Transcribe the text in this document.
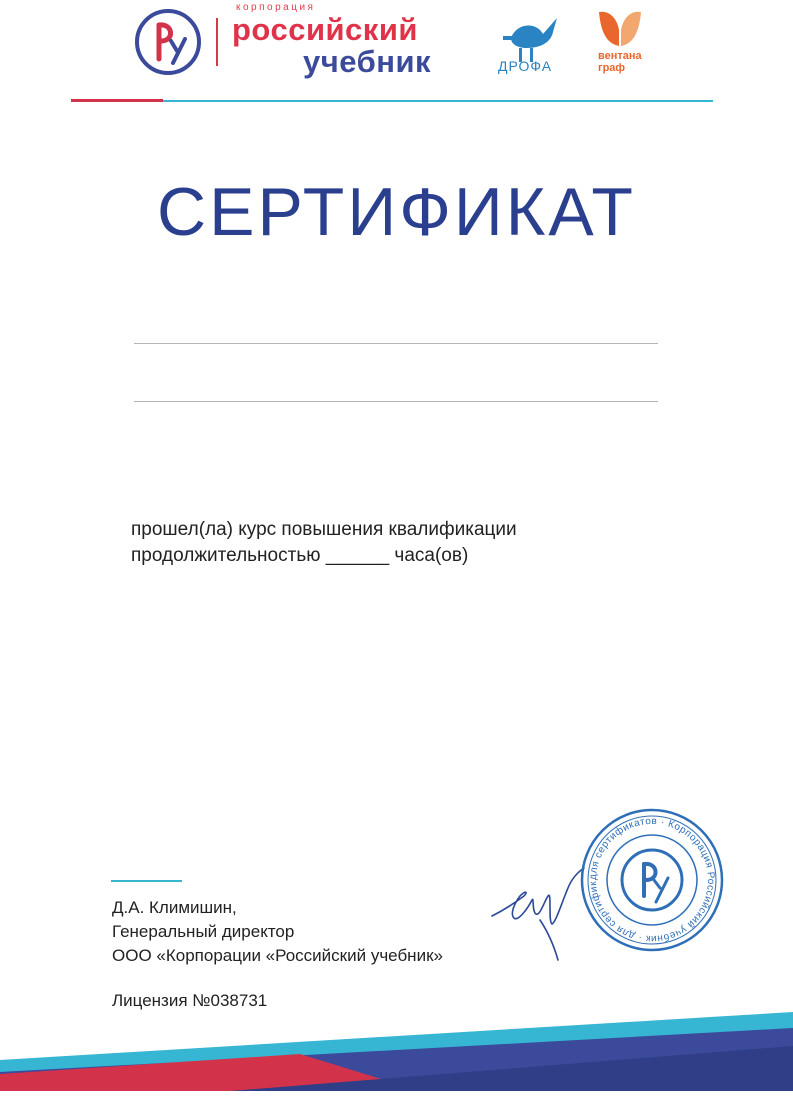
корпорация
российский
учебник	ДРОФА
вентана
граф
СЕРТИФИКАТ
прошел(ла) курс повышения квалификации
продолжительностью ______ часа(ов)
Д.А. Климишин,
Генеральный директор
ООО «Корпорации «Российский учебник»
Лицензия №038731
для сертификатов · Корпорация Российский учебник · для сертифик
